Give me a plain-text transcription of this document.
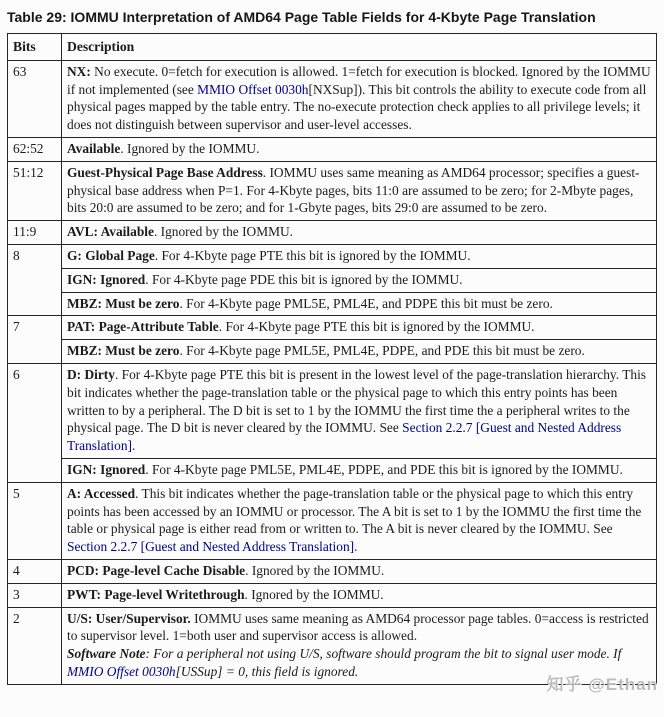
Table 29: IOMMU Interpretation of AMD64 Page Table Fields for 4-Kbyte Page Translation
Bits	Description
63	NX: No execute. 0=fetch for execution is allowed. 1=fetch for execution is blocked. Ignored by the IOMMU if not implemented (see MMIO Offset 0030h[NXSup]). This bit controls the ability to execute code from all physical pages mapped by the table entry. The no-execute protection check applies to all privilege levels; it does not distinguish between supervisor and user-level accesses.
62:52	Available. Ignored by the IOMMU.
51:12	Guest-Physical Page Base Address. IOMMU uses same meaning as AMD64 processor; specifies a guest-physical base address when P=1. For 4-Kbyte pages, bits 11:0 are assumed to be zero; for 2-Mbyte pages, bits 20:0 are assumed to be zero; and for 1-Gbyte pages, bits 29:0 are assumed to be zero.
11:9	AVL: Available. Ignored by the IOMMU.
8	G: Global Page. For 4-Kbyte page PTE this bit is ignored by the IOMMU.
	IGN: Ignored. For 4-Kbyte page PDE this bit is ignored by the IOMMU.
	MBZ: Must be zero. For 4-Kbyte page PML5E, PML4E, and PDPE this bit must be zero.
7	PAT: Page-Attribute Table. For 4-Kbyte page PTE this bit is ignored by the IOMMU.
	MBZ: Must be zero. For 4-Kbyte page PML5E, PML4E, PDPE, and PDE this bit must be zero.
6	D: Dirty. For 4-Kbyte page PTE this bit is present in the lowest level of the page-translation hierarchy. This bit indicates whether the page-translation table or the physical page to which this entry points has been written to by a peripheral. The D bit is set to 1 by the IOMMU the first time the a peripheral writes to the physical page. The D bit is never cleared by the IOMMU. See Section 2.2.7 [Guest and Nested Address Translation].
	IGN: Ignored. For 4-Kbyte page PML5E, PML4E, PDPE, and PDE this bit is ignored by the IOMMU.
5	A: Accessed. This bit indicates whether the page-translation table or the physical page to which this entry points has been accessed by an IOMMU or processor. The A bit is set to 1 by the IOMMU the first time the table or physical page is either read from or written to. The A bit is never cleared by the IOMMU. See Section 2.2.7 [Guest and Nested Address Translation].
4	PCD: Page-level Cache Disable. Ignored by the IOMMU.
3	PWT: Page-level Writethrough. Ignored by the IOMMU.
2	U/S: User/Supervisor. IOMMU uses same meaning as AMD64 processor page tables. 0=access is restricted to supervisor level. 1=both user and supervisor access is allowed.
Software Note: For a peripheral not using U/S, software should program the bit to signal user mode. If MMIO Offset 0030h[USSup] = 0, this field is ignored.
知乎 @Ethan
